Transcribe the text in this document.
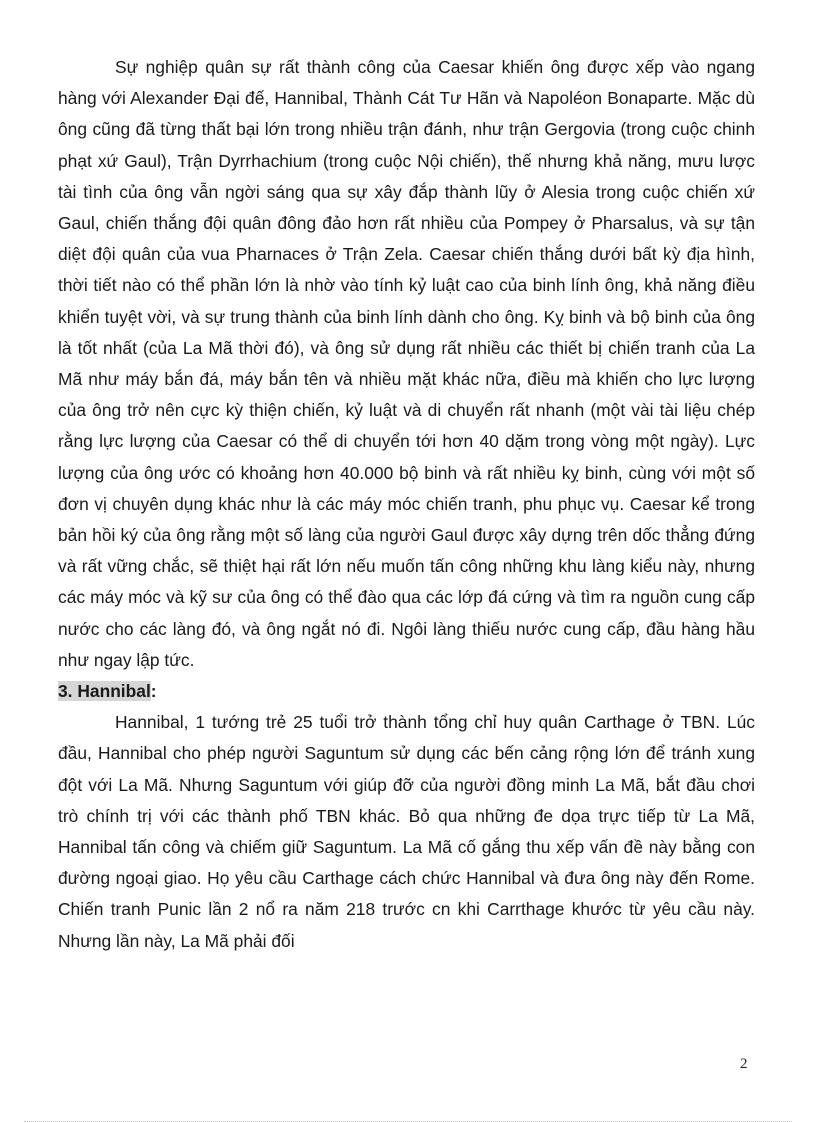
Sự nghiệp quân sự rất thành công của Caesar khiến ông được xếp vào ngang hàng với Alexander Đại đế, Hannibal, Thành Cát Tư Hãn và Napoléon Bonaparte. Mặc dù ông cũng đã từng thất bại lớn trong nhiều trận đánh, như trận Gergovia (trong cuộc chinh phạt xứ Gaul), Trận Dyrrhachium (trong cuộc Nội chiến), thế nhưng khả năng, mưu lược tài tình của ông vẫn ngời sáng qua sự xây đắp thành lũy ở Alesia trong cuộc chiến xứ Gaul, chiến thắng đội quân đông đảo hơn rất nhiều của Pompey ở Pharsalus, và sự tận diệt đội quân của vua Pharnaces ở Trận Zela. Caesar chiến thắng dưới bất kỳ địa hình, thời tiết nào có thể phần lớn là nhờ vào tính kỷ luật cao của binh lính ông, khả năng điều khiển tuyệt vời, và sự trung thành của binh lính dành cho ông. Kỵ binh và bộ binh của ông là tốt nhất (của La Mã thời đó), và ông sử dụng rất nhiều các thiết bị chiến tranh của La Mã như máy bắn đá, máy bắn tên và nhiều mặt khác nữa, điều mà khiến cho lực lượng của ông trở nên cực kỳ thiện chiến, kỷ luật và di chuyển rất nhanh (một vài tài liệu chép rằng lực lượng của Caesar có thể di chuyển tới hơn 40 dặm trong vòng một ngày). Lực lượng của ông ước có khoảng hơn 40.000 bộ binh và rất nhiều kỵ binh, cùng với một số đơn vị chuyên dụng khác như là các máy móc chiến tranh, phu phục vụ. Caesar kể trong bản hồi ký của ông rằng một số làng của người Gaul được xây dựng trên dốc thẳng đứng và rất vững chắc, sẽ thiệt hại rất lớn nếu muốn tấn công những khu làng kiểu này, nhưng các máy móc và kỹ sư của ông có thể đào qua các lớp đá cứng và tìm ra nguồn cung cấp nước cho các làng đó, và ông ngắt nó đi. Ngôi làng thiếu nước cung cấp, đầu hàng hầu như ngay lập tức.

3. Hannibal:

Hannibal, 1 tướng trẻ 25 tuổi trở thành tổng chỉ huy quân Carthage ở TBN. Lúc đầu, Hannibal cho phép người Saguntum sử dụng các bến cảng rộng lớn để tránh xung đột với La Mã. Nhưng Saguntum với giúp đỡ của người đồng minh La Mã, bắt đầu chơi trò chính trị với các thành phố TBN khác. Bỏ qua những đe dọa trực tiếp từ La Mã, Hannibal tấn công và chiếm giữ Saguntum. La Mã cố gắng thu xếp vấn đề này bằng con đường ngoại giao. Họ yêu cầu Carthage cách chức Hannibal và đưa ông này đến Rome. Chiến tranh Punic lần 2 nổ ra năm 218 trước cn khi Carrthage khước từ yêu cầu này. Nhưng lần này, La Mã phải đối

2
